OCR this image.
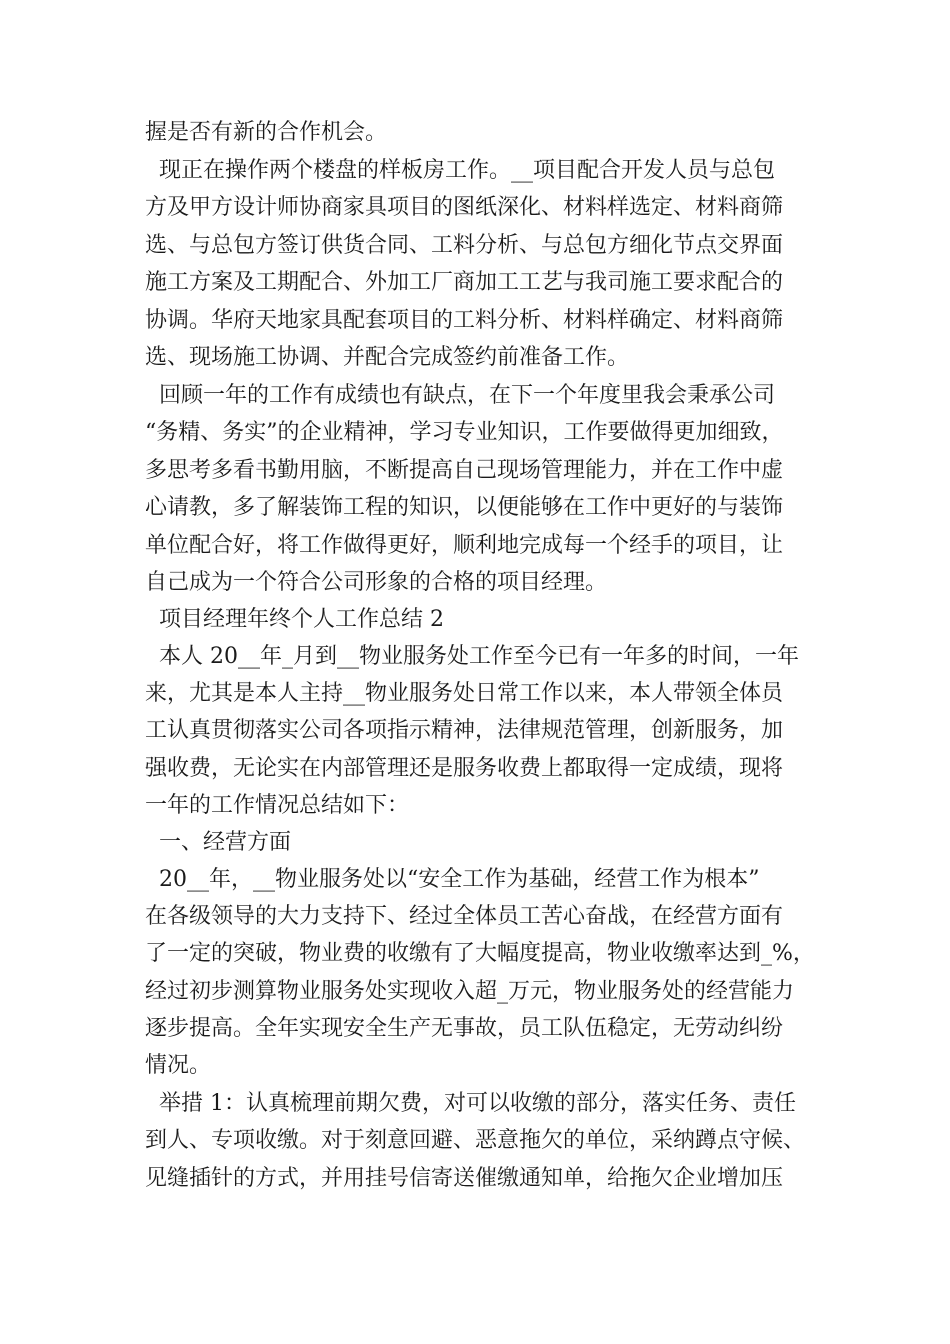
握是否有新的合作机会。

现正在操作两个楼盘的样板房工作。__项目配合开发人员与总包

方及甲方设计师协商家具项目的图纸深化、材料样选定、材料商筛

选、与总包方签订供货合同、工料分析、与总包方细化节点交界面

施工方案及工期配合、外加工厂商加工工艺与我司施工要求配合的

协调。华府天地家具配套项目的工料分析、材料样确定、材料商筛

选、现场施工协调、并配合完成签约前准备工作。

回顾一年的工作有成绩也有缺点，在下一个年度里我会秉承公司

“务精、务实”的企业精神，学习专业知识，工作要做得更加细致，

多思考多看书勤用脑，不断提高自己现场管理能力，并在工作中虚

心请教，多了解装饰工程的知识，以便能够在工作中更好的与装饰

单位配合好，将工作做得更好，顺利地完成每一个经手的项目，让

自己成为一个符合公司形象的合格的项目经理。

项目经理年终个人工作总结 2

本人 20__年_月到__物业服务处工作至今已有一年多的时间，一年

来，尤其是本人主持__物业服务处日常工作以来，本人带领全体员

工认真贯彻落实公司各项指示精神，法律规范管理，创新服务，加

强收费，无论实在内部管理还是服务收费上都取得一定成绩，现将

一年的工作情况总结如下：

一、经营方面

20__年，__物业服务处以“安全工作为基础，经营工作为根本”

在各级领导的大力支持下、经过全体员工苦心奋战，在经营方面有

了一定的突破，物业费的收缴有了大幅度提高，物业收缴率达到_%，

经过初步测算物业服务处实现收入超_万元，物业服务处的经营能力

逐步提高。全年实现安全生产无事故，员工队伍稳定，无劳动纠纷

情况。

举措 1：认真梳理前期欠费，对可以收缴的部分，落实任务、责任

到人、专项收缴。对于刻意回避、恶意拖欠的单位，采纳蹲点守候、

见缝插针的方式，并用挂号信寄送催缴通知单，给拖欠企业增加压
